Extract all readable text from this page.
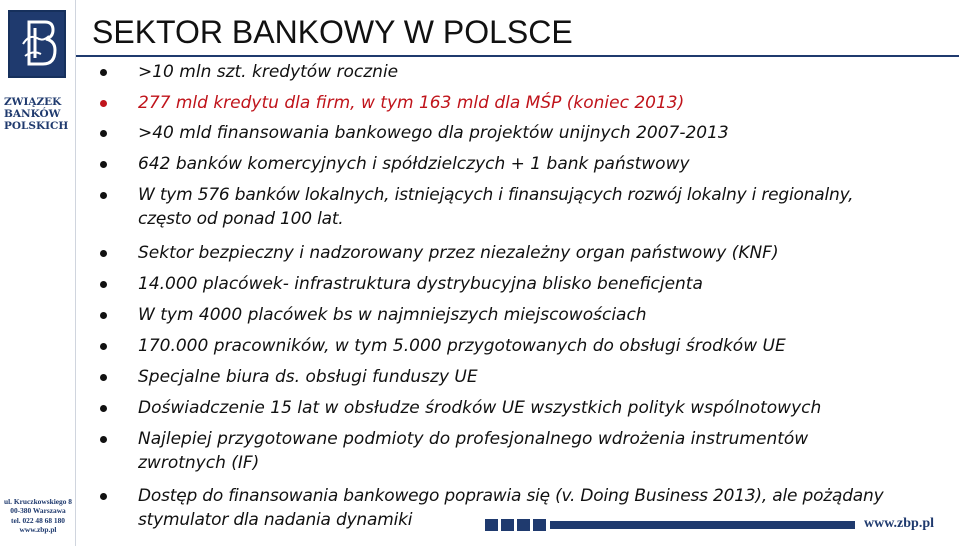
ZWIĄZEK
BANKÓW
POLSKICH
ul. Kruczkowskiego 8
00-380 Warszawa
tel. 022 48 68 180
www.zbp.pl
SEKTOR BANKOWY W POLSCE
>10 mln szt. kredytów rocznie
277 mld kredytu dla firm, w tym 163 mld dla MŚP (koniec 2013)
>40 mld finansowania bankowego dla projektów unijnych 2007-2013
642 banków komercyjnych i spółdzielczych + 1 bank państwowy
W tym 576 banków lokalnych, istniejących i finansujących rozwój lokalny i regionalny,
często od ponad 100 lat.
Sektor bezpieczny i nadzorowany przez niezależny organ państwowy (KNF)
14.000 placówek- infrastruktura dystrybucyjna blisko beneficjenta
W tym 4000 placówek bs w najmniejszych miejscowościach
170.000 pracowników, w tym 5.000 przygotowanych do obsługi środków UE
Specjalne biura ds. obsługi funduszy UE
Doświadczenie 15 lat w obsłudze środków UE wszystkich polityk wspólnotowych
Najlepiej przygotowane podmioty do profesjonalnego wdrożenia instrumentów
zwrotnych (IF)
Dostęp do finansowania bankowego poprawia się (v. Doing Business 2013), ale pożądany
stymulator dla nadania dynamiki	www.zbp.pl
